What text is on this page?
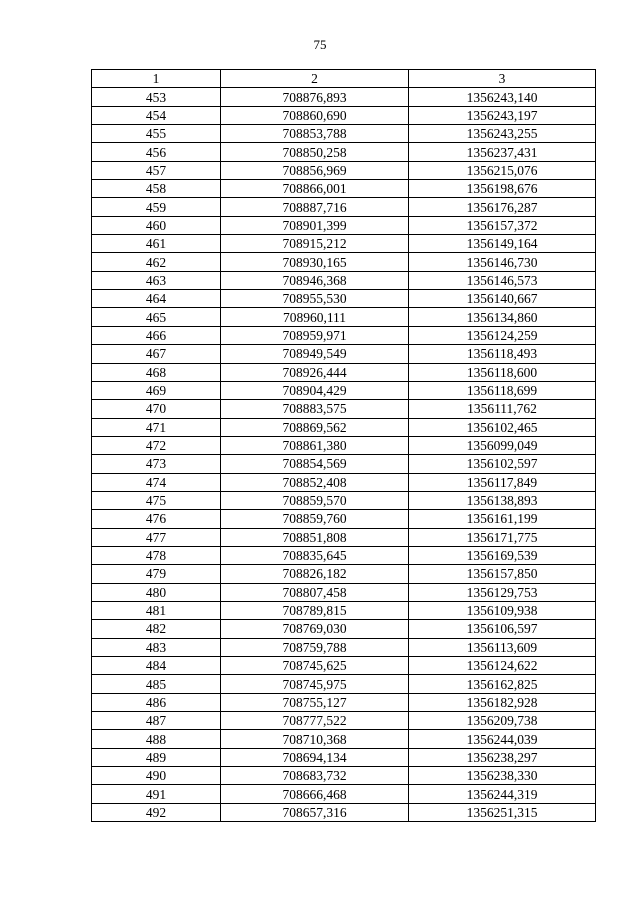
75
1	2	3
453	708876,893	1356243,140
454	708860,690	1356243,197
455	708853,788	1356243,255
456	708850,258	1356237,431
457	708856,969	1356215,076
458	708866,001	1356198,676
459	708887,716	1356176,287
460	708901,399	1356157,372
461	708915,212	1356149,164
462	708930,165	1356146,730
463	708946,368	1356146,573
464	708955,530	1356140,667
465	708960,111	1356134,860
466	708959,971	1356124,259
467	708949,549	1356118,493
468	708926,444	1356118,600
469	708904,429	1356118,699
470	708883,575	1356111,762
471	708869,562	1356102,465
472	708861,380	1356099,049
473	708854,569	1356102,597
474	708852,408	1356117,849
475	708859,570	1356138,893
476	708859,760	1356161,199
477	708851,808	1356171,775
478	708835,645	1356169,539
479	708826,182	1356157,850
480	708807,458	1356129,753
481	708789,815	1356109,938
482	708769,030	1356106,597
483	708759,788	1356113,609
484	708745,625	1356124,622
485	708745,975	1356162,825
486	708755,127	1356182,928
487	708777,522	1356209,738
488	708710,368	1356244,039
489	708694,134	1356238,297
490	708683,732	1356238,330
491	708666,468	1356244,319
492	708657,316	1356251,315
